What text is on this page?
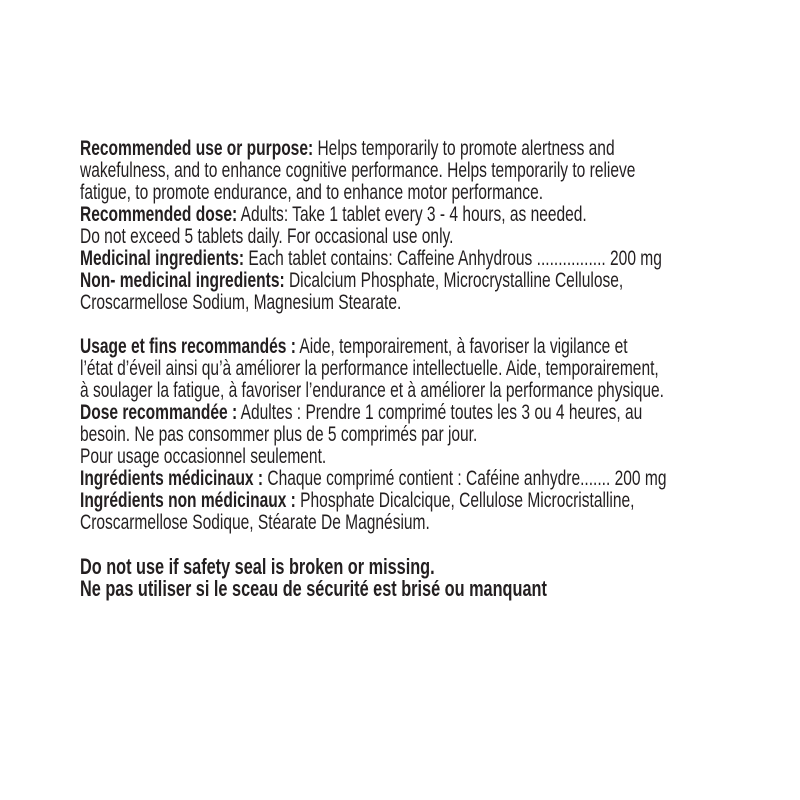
Recommended use or purpose: Helps temporarily to promote alertness and
wakefulness, and to enhance cognitive performance. Helps temporarily to relieve
fatigue, to promote endurance, and to enhance motor performance.
Recommended dose: Adults: Take 1 tablet every 3 - 4 hours, as needed.
Do not exceed 5 tablets daily. For occasional use only.
Medicinal ingredients: Each tablet contains: Caffeine Anhydrous ................ 200 mg
Non- medicinal ingredients: Dicalcium Phosphate, Microcrystalline Cellulose,
Croscarmellose Sodium, Magnesium Stearate.
Usage et fins recommandés : Aide, temporairement, à favoriser la vigilance et
l’état d’éveil ainsi qu’à améliorer la performance intellectuelle. Aide, temporairement,
à soulager la fatigue, à favoriser l’endurance et à améliorer la performance physique.
Dose recommandée : Adultes : Prendre 1 comprimé toutes les 3 ou 4 heures, au
besoin. Ne pas consommer plus de 5 comprimés par jour.
Pour usage occasionnel seulement.
Ingrédients médicinaux : Chaque comprimé contient : Caféine anhydre....... 200 mg
Ingrédients non médicinaux : Phosphate Dicalcique, Cellulose Microcristalline,
Croscarmellose Sodique, Stéarate De Magnésium.
Do not use if safety seal is broken or missing.
Ne pas utiliser si le sceau de sécurité est brisé ou manquant
